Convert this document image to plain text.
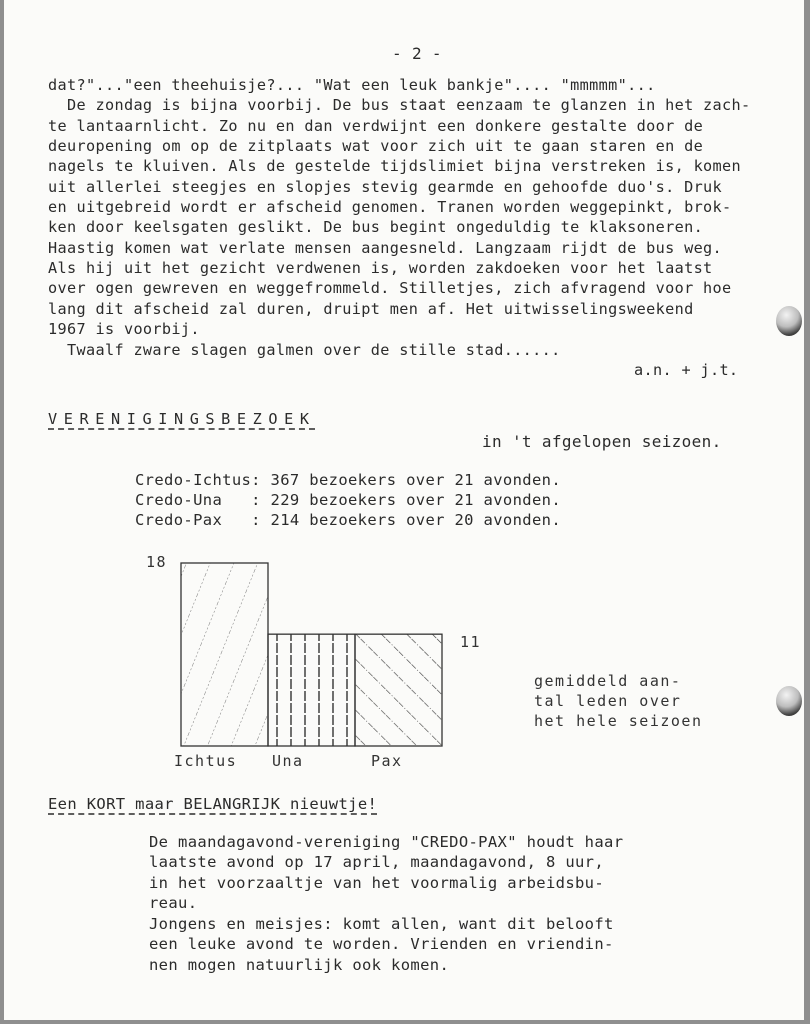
- 2 -
dat?"..."een theehuisje?... "Wat een leuk bankje".... "mmmmm"...
De zondag is bijna voorbij. De bus staat eenzaam te glanzen in het zach-
te lantaarnlicht. Zo nu en dan verdwijnt een donkere gestalte door de
deuropening om op de zitplaats wat voor zich uit te gaan staren en de
nagels te kluiven. Als de gestelde tijdslimiet bijna verstreken is, komen
uit allerlei steegjes en slopjes stevig gearmde en gehoofde duo's. Druk
en uitgebreid wordt er afscheid genomen. Tranen worden weggepinkt, brok-
ken door keelsgaten geslikt. De bus begint ongeduldig te klaksoneren.
Haastig komen wat verlate mensen aangesneld. Langzaam rijdt de bus weg.
Als hij uit het gezicht verdwenen is, worden zakdoeken voor het laatst
over ogen gewreven en weggefrommeld. Stilletjes, zich afvragend voor hoe
lang dit afscheid zal duren, druipt men af. Het uitwisselingsweekend
1967 is voorbij.
Twaalf zware slagen galmen over de stille stad......
a.n. + j.t.
VERENIGINGSBEZOEK
in 't afgelopen seizoen.
Credo-Ichtus: 367 bezoekers over 21 avonden.
Credo-Una   : 229 bezoekers over 21 avonden.
Credo-Pax   : 214 bezoekers over 20 avonden.
18
11
Ichtus Una	Pax
gemiddeld aan-
tal leden over
het hele seizoen
Een KORT maar BELANGRIJK nieuwtje!
De maandagavond-vereniging "CREDO-PAX" houdt haar
laatste avond op 17 april, maandagavond, 8 uur,
in het voorzaaltje van het voormalig arbeidsbu-
reau.
Jongens en meisjes: komt allen, want dit belooft
een leuke avond te worden. Vrienden en vriendin-
nen mogen natuurlijk ook komen.
